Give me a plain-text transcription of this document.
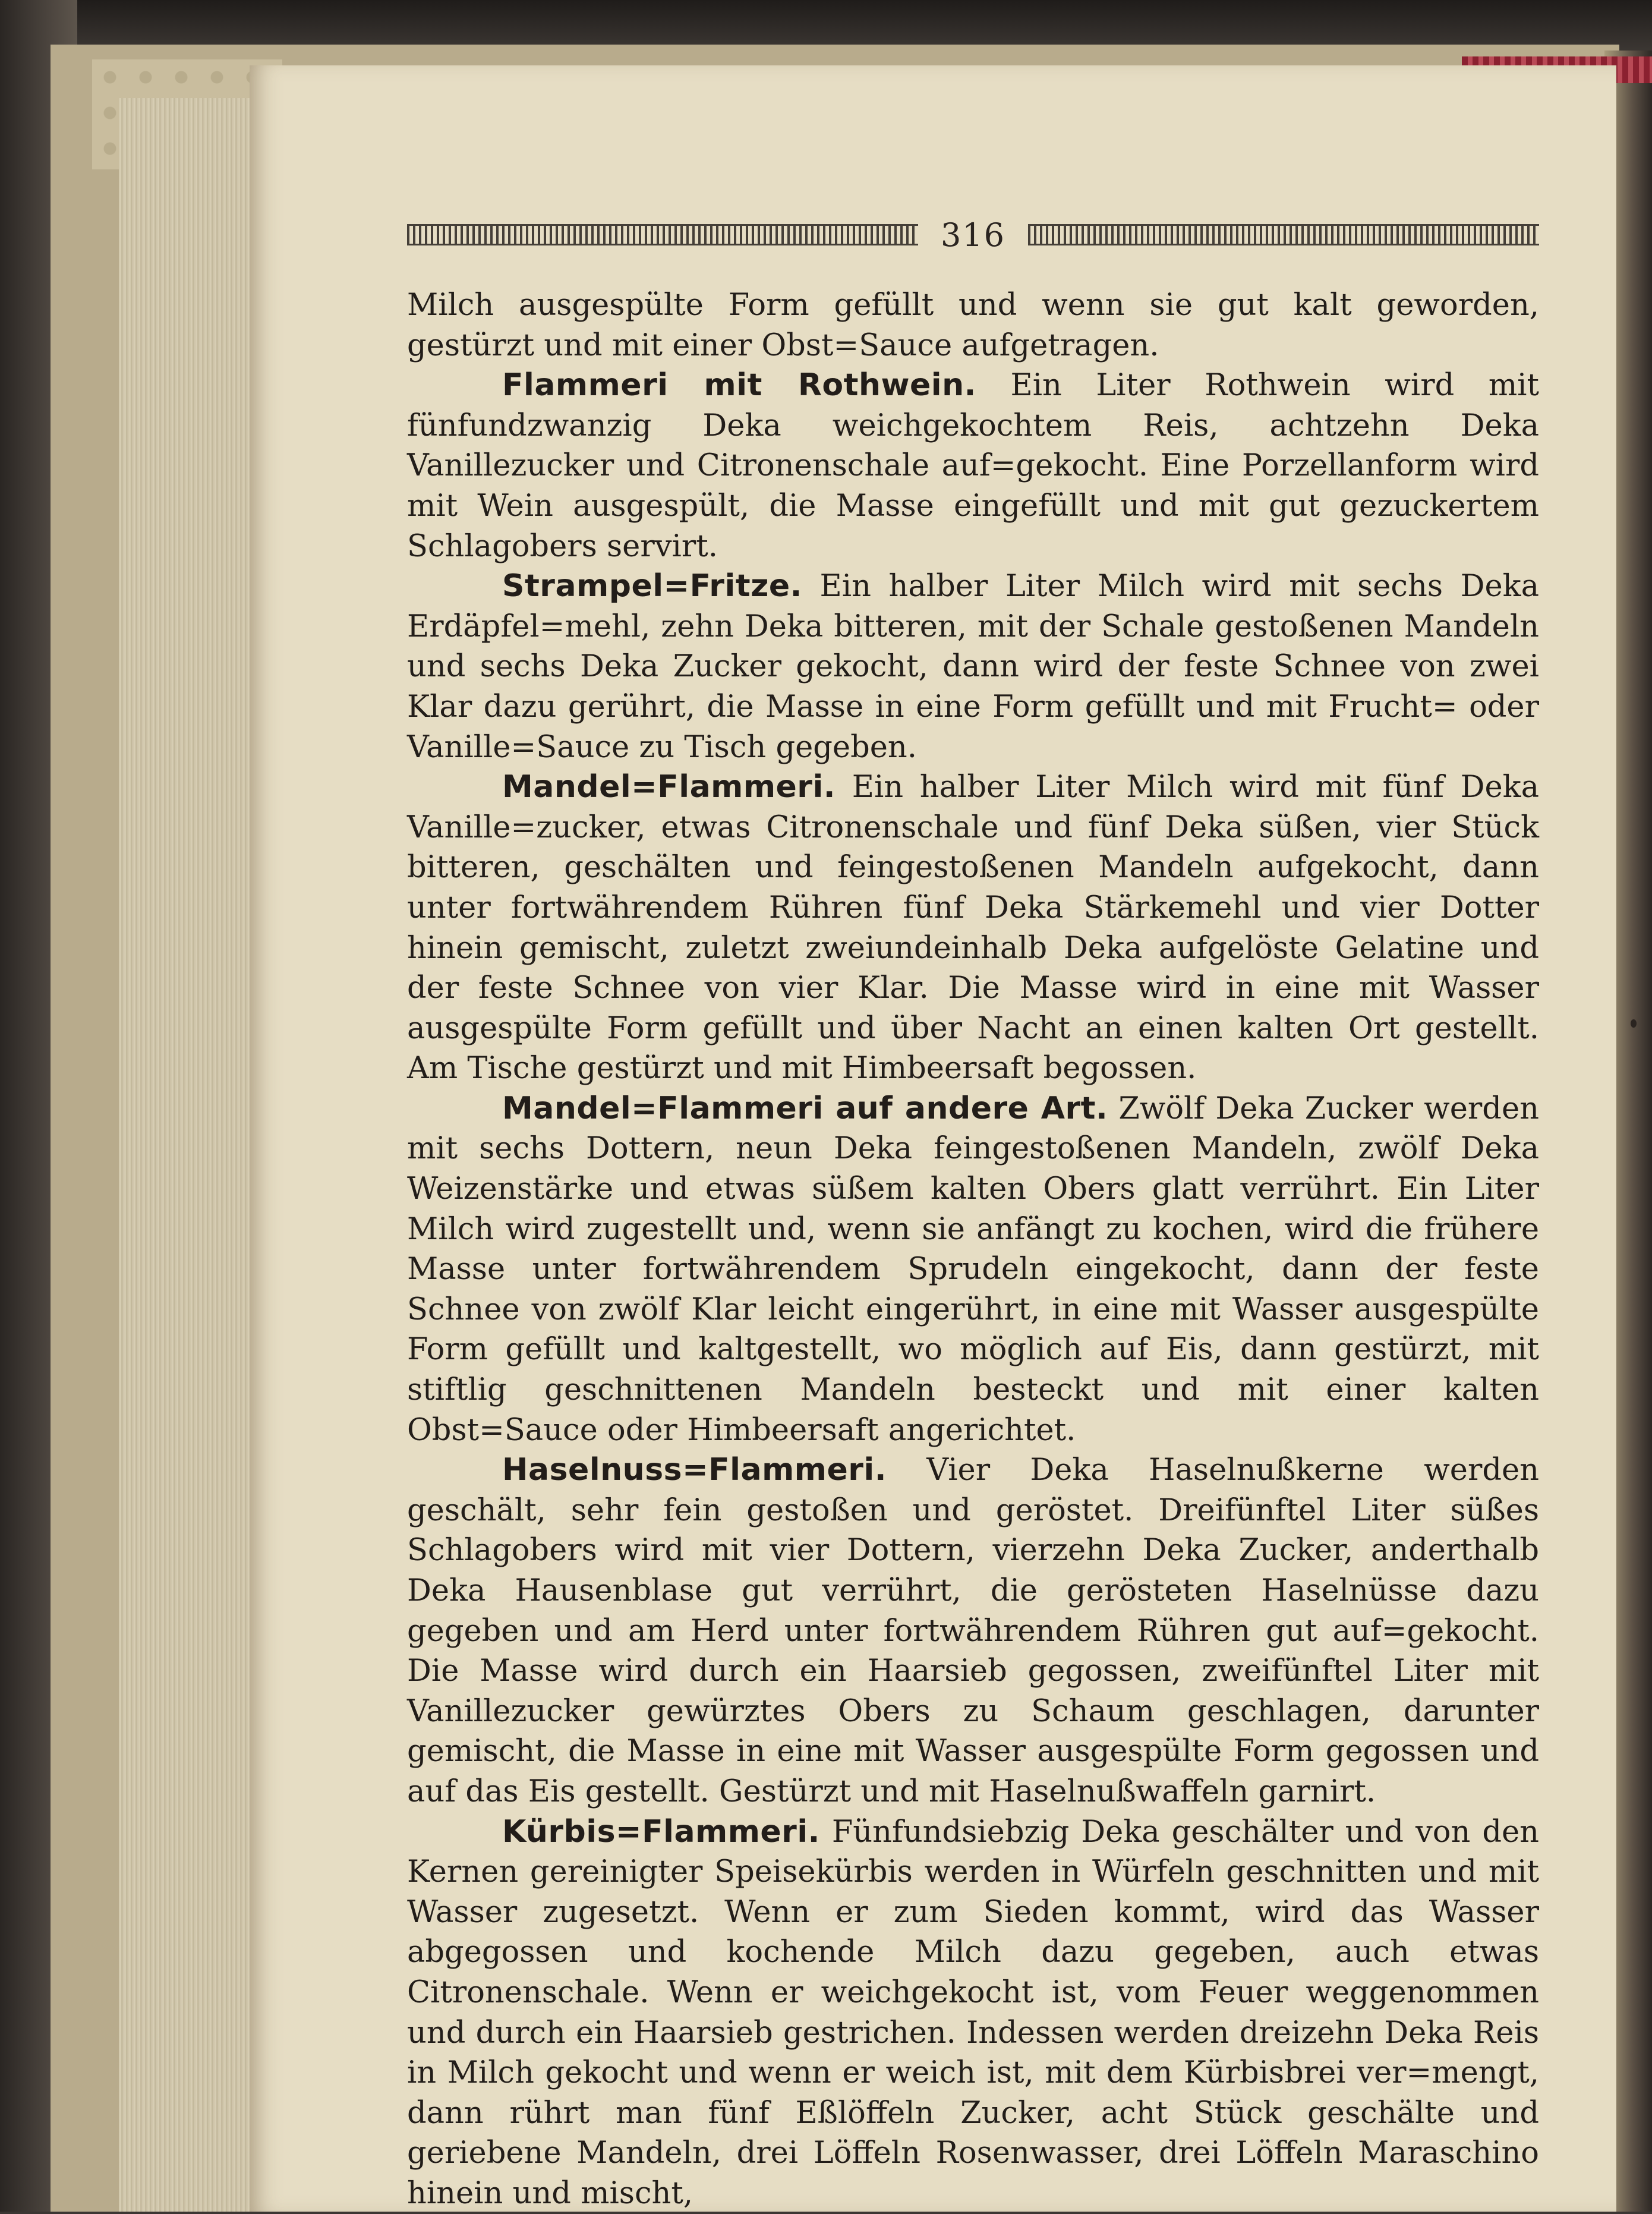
316

Milch ausgespülte Form gefüllt und wenn sie gut kalt geworden, gestürzt und mit einer Obst=Sauce aufgetragen.

Flammeri mit Rothwein. Ein Liter Rothwein wird mit fünfundzwanzig Deka weichgekochtem Reis, achtzehn Deka Vanillezucker und Citronenschale auf=gekocht. Eine Porzellanform wird mit Wein ausgespült, die Masse eingefüllt und mit gut gezuckertem Schlagobers servirt.

Strampel=Fritze. Ein halber Liter Milch wird mit sechs Deka Erdäpfel=mehl, zehn Deka bitteren, mit der Schale gestoßenen Mandeln und sechs Deka Zucker gekocht, dann wird der feste Schnee von zwei Klar dazu gerührt, die Masse in eine Form gefüllt und mit Frucht= oder Vanille=Sauce zu Tisch gegeben.

Mandel=Flammeri. Ein halber Liter Milch wird mit fünf Deka Vanille=zucker, etwas Citronenschale und fünf Deka süßen, vier Stück bitteren, geschälten und feingestoßenen Mandeln aufgekocht, dann unter fortwährendem Rühren fünf Deka Stärkemehl und vier Dotter hinein gemischt, zuletzt zweiundeinhalb Deka aufgelöste Gelatine und der feste Schnee von vier Klar. Die Masse wird in eine mit Wasser ausgespülte Form gefüllt und über Nacht an einen kalten Ort gestellt. Am Tische gestürzt und mit Himbeersaft begossen.

Mandel=Flammeri auf andere Art. Zwölf Deka Zucker werden mit sechs Dottern, neun Deka feingestoßenen Mandeln, zwölf Deka Weizenstärke und etwas süßem kalten Obers glatt verrührt. Ein Liter Milch wird zugestellt und, wenn sie anfängt zu kochen, wird die frühere Masse unter fortwährendem Sprudeln eingekocht, dann der feste Schnee von zwölf Klar leicht eingerührt, in eine mit Wasser ausgespülte Form gefüllt und kaltgestellt, wo möglich auf Eis, dann gestürzt, mit stiftlig geschnittenen Mandeln besteckt und mit einer kalten Obst=Sauce oder Himbeersaft angerichtet.

Haselnuss=Flammeri. Vier Deka Haselnußkerne werden geschält, sehr fein gestoßen und geröstet. Dreifünftel Liter süßes Schlagobers wird mit vier Dottern, vierzehn Deka Zucker, anderthalb Deka Hausenblase gut verrührt, die gerösteten Haselnüsse dazu gegeben und am Herd unter fortwährendem Rühren gut auf=gekocht. Die Masse wird durch ein Haarsieb gegossen, zweifünftel Liter mit Vanillezucker gewürztes Obers zu Schaum geschlagen, darunter gemischt, die Masse in eine mit Wasser ausgespülte Form gegossen und auf das Eis gestellt. Gestürzt und mit Haselnußwaffeln garnirt.

Kürbis=Flammeri. Fünfundsiebzig Deka geschälter und von den Kernen gereinigter Speisekürbis werden in Würfeln geschnitten und mit Wasser zugesetzt. Wenn er zum Sieden kommt, wird das Wasser abgegossen und kochende Milch dazu gegeben, auch etwas Citronenschale. Wenn er weichgekocht ist, vom Feuer weggenommen und durch ein Haarsieb gestrichen. Indessen werden dreizehn Deka Reis in Milch gekocht und wenn er weich ist, mit dem Kürbisbrei ver=mengt, dann rührt man fünf Eßlöffeln Zucker, acht Stück geschälte und geriebene Mandeln, drei Löffeln Rosenwasser, drei Löffeln Maraschino hinein und mischt,
